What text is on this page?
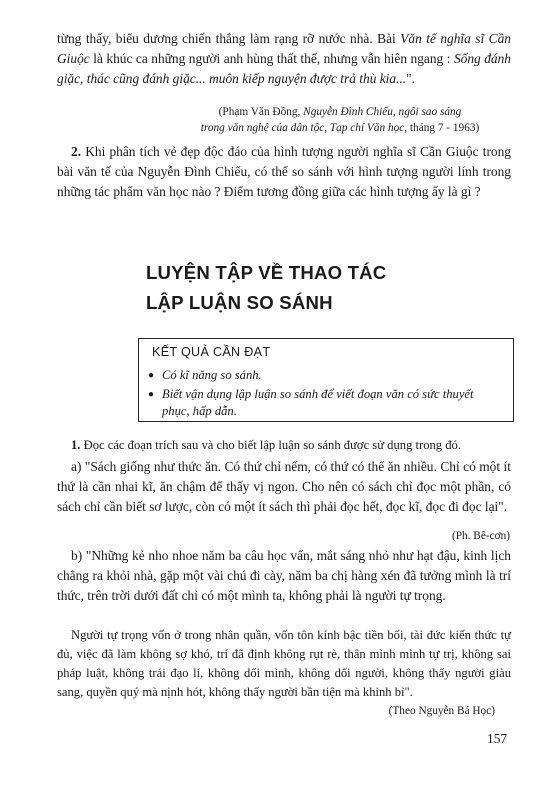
từng thấy, biểu dương chiến thắng làm rạng rỡ nước nhà. Bài Văn tế nghĩa sĩ Cần Giuộc là khúc ca những người anh hùng thất thế, nhưng vẫn hiên ngang : Sống đánh giặc, thác cũng đánh giặc... muôn kiếp nguyện được trả thù kia...".

(Phạm Văn Đồng, Nguyễn Đình Chiểu, ngôi sao sáng
trong văn nghệ của dân tộc, Tạp chí Văn học, tháng 7 - 1963)

2. Khi phân tích vẻ đẹp độc đáo của hình tượng người nghĩa sĩ Cần Giuộc trong bài văn tế của Nguyễn Đình Chiểu, có thể so sánh với hình tượng người lính trong những tác phẩm văn học nào ? Điểm tương đồng giữa các hình tượng ấy là gì ?

LUYỆN TẬP VỀ THAO TÁC
LẬP LUẬN SO SÁNH
KẾT QUẢ CẦN ĐẠT
● Có kĩ năng so sánh.
● Biết vận dụng lập luận so sánh để viết đoạn văn có sức thuyết phục, hấp dẫn.

1. Đọc các đoạn trích sau và cho biết lập luận so sánh được sử dụng trong đó.

a) "Sách giống như thức ăn. Có thứ chỉ nếm, có thứ có thể ăn nhiều. Chỉ có một ít thứ là cần nhai kĩ, ăn chậm để thấy vị ngon. Cho nên có sách chỉ đọc một phần, có sách chỉ cần biết sơ lược, còn có một ít sách thì phải đọc hết, đọc kĩ, đọc đi đọc lại".

(Ph. Bê-cơn)

b) "Những kẻ nho nhoe năm ba câu học vấn, mắt sáng nhỏ như hạt đậu, kinh lịch chẳng ra khỏi nhà, gặp một vài chú đi cày, năm ba chị hàng xén đã tưởng mình là trí thức, trên trời dưới đất chỉ có một mình ta, không phải là người tự trọng.

Người tự trọng vốn ở trong nhân quần, vốn tôn kính bậc tiền bối, tài đức kiến thức tự đủ, việc đã làm không sợ khó, trí đã định không rụt rè, thân mình mình tự trị, không sai pháp luật, không trái đạo lí, không dối mình, không dối người, không thấy người giàu sang, quyền quý mà nịnh hót, không thấy người bần tiện mà khinh bỉ".

(Theo Nguyễn Bá Học)
157
